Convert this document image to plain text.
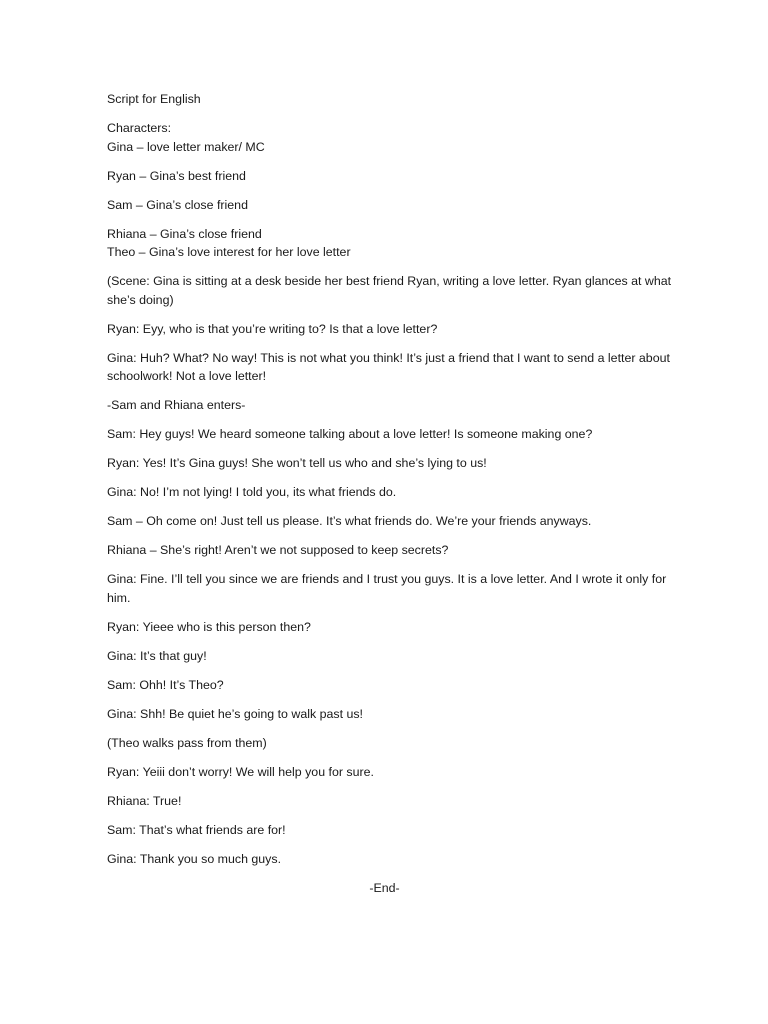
Script for English

Characters:
Gina – love letter maker/ MC

Ryan – Gina’s best friend

Sam – Gina’s close friend

Rhiana – Gina’s close friend
Theo – Gina’s love interest for her love letter

(Scene: Gina is sitting at a desk beside her best friend Ryan, writing a love letter. Ryan glances at what she’s doing)

Ryan: Eyy, who is that you’re writing to? Is that a love letter?

Gina: Huh? What? No way! This is not what you think! It’s just a friend that I want to send a letter about schoolwork! Not a love letter!

-Sam and Rhiana enters-

Sam: Hey guys! We heard someone talking about a love letter! Is someone making one?

Ryan: Yes! It’s Gina guys! She won’t tell us who and she’s lying to us!

Gina: No! I’m not lying! I told you, its what friends do.

Sam – Oh come on! Just tell us please. It’s what friends do. We’re your friends anyways.

Rhiana – She’s right! Aren’t we not supposed to keep secrets?

Gina: Fine. I’ll tell you since we are friends and I trust you guys. It is a love letter. And I wrote it only for him.

Ryan: Yieee who is this person then?

Gina: It’s that guy!

Sam: Ohh! It’s Theo?

Gina: Shh! Be quiet he’s going to walk past us!

(Theo walks pass from them)

Ryan: Yeiii don’t worry! We will help you for sure.

Rhiana: True!

Sam: That’s what friends are for!

Gina: Thank you so much guys.

-End-
